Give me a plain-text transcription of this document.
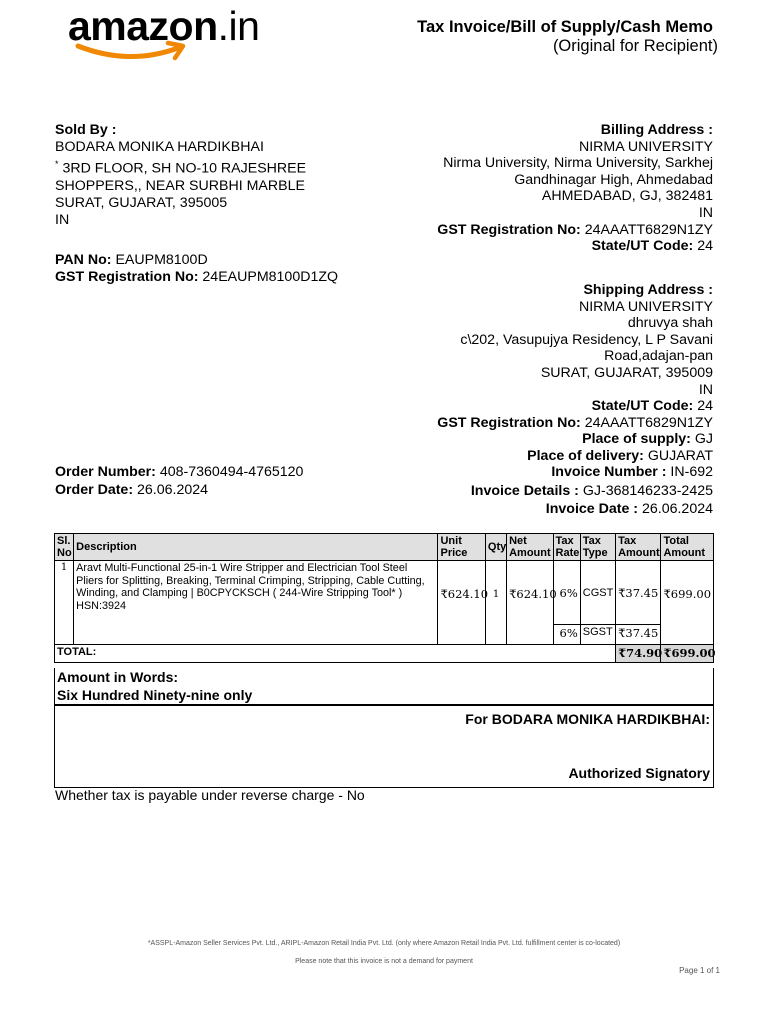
amazon.in	Tax Invoice/Bill of Supply/Cash Memo
(Original for Recipient)
Sold By :
BODARA MONIKA HARDIKBHAI
* 3RD FLOOR, SH NO-10 RAJESHREE
SHOPPERS,, NEAR SURBHI MARBLE
SURAT, GUJARAT, 395005
IN
PAN No: EAUPM8100D
GST Registration No: 24EAUPM8100D1ZQ
Billing Address :
NIRMA UNIVERSITY
Nirma University, Nirma University, Sarkhej
Gandhinagar High, Ahmedabad
AHMEDABAD, GJ, 382481
IN
GST Registration No: 24AAATT6829N1ZY
State/UT Code: 24
Shipping Address :
NIRMA UNIVERSITY
dhruvya shah
c\202, Vasupujya Residency, L P Savani
Road,adajan-pan
SURAT, GUJARAT, 395009
IN
State/UT Code: 24
GST Registration No: 24AAATT6829N1ZY
Place of supply: GJ
Place of delivery: GUJARAT
Order Number: 408-7360494-4765120
Order Date: 26.06.2024
Invoice Number : IN-692
Invoice Details : GJ-368146233-2425
Invoice Date : 26.06.2024
Sl. No	Description	Unit Price	Qty	Net Amount	Tax Rate	Tax Type	Tax Amount	Total Amount
1	Aravt Multi-Functional 25-in-1 Wire Stripper and Electrician Tool Steel Pliers for Splitting, Breaking, Terminal Crimping, Stripping, Cable Cutting, Winding, and Clamping | B0CPYCKSCH ( 244-Wire Stripping Tool* )
HSN:3924	₹624.10	1	₹624.10	6%	CGST	₹37.45	₹699.00
					6%	SGST	₹37.45	
TOTAL:							₹74.90	₹699.00
Amount in Words:
Six Hundred Ninety-nine only
For BODARA MONIKA HARDIKBHAI:
Authorized Signatory
Whether tax is payable under reverse charge - No
*ASSPL-Amazon Seller Services Pvt. Ltd., ARIPL-Amazon Retail India Pvt. Ltd. (only where Amazon Retail India Pvt. Ltd. fulfillment center is co-located)
Please note that this invoice is not a demand for payment
Page 1 of 1
